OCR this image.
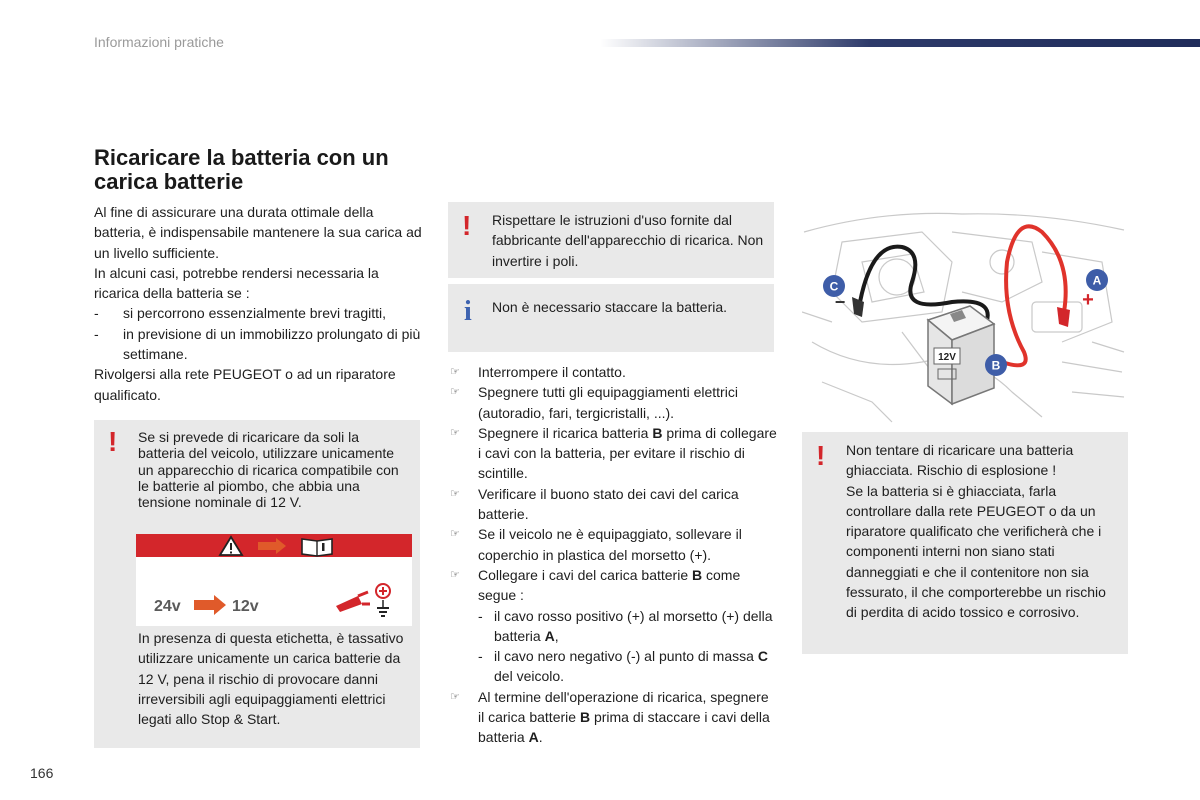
Informazioni pratiche
Ricaricare la batteria con un carica batterie

Al fine di assicurare una durata ottimale della batteria, è indispensabile mantenere la sua carica ad un livello sufficiente.

In alcuni casi, potrebbe rendersi necessaria la ricarica della batteria se :

- si percorrono essenzialmente brevi tragitti,
- in previsione di un immobilizzo prolungato di più settimane.

Rivolgersi alla rete PEUGEOT o ad un riparatore qualificato.

! Se si prevede di ricaricare da soli la batteria del veicolo, utilizzare unicamente un apparecchio di ricarica compatibile con le batterie al piombo, che abbia una tensione nominale di 12 V.
24v	12v
In presenza di questa etichetta, è tassativo utilizzare unicamente un carica batterie da 12 V, pena il rischio di provocare danni irreversibili agli equipaggiamenti elettrici legati allo Stop & Start.
! Rispettare le istruzioni d'uso fornite dal fabbricante dell'apparecchio di ricarica. Non invertire i poli.
i Non è necessario staccare la batteria.
☞ Interrompere il contatto.
☞ Spegnere tutti gli equipaggiamenti elettrici (autoradio, fari, tergicristalli, ...).
☞ Spegnere il ricarica batteria B prima di collegare i cavi con la batteria, per evitare il rischio di scintille.
☞ Verificare il buono stato dei cavi del carica batterie.
☞ Se il veicolo ne è equipaggiato, sollevare il coperchio in plastica del morsetto (+).
☞ Collegare i cavi del carica batterie B come segue :
- il cavo rosso positivo (+) al morsetto (+) della batteria A,
- il cavo nero negativo (-) al punto di massa C del veicolo.
☞ Al termine dell'operazione di ricarica, spegnere il carica batterie B prima di staccare i cavi della batteria A.
12V
C
−
A
+
B
! Non tentare di ricaricare una batteria ghiacciata. Rischio di esplosione !
Se la batteria si è ghiacciata, farla controllare dalla rete PEUGEOT o da un riparatore qualificato che verificherà che i componenti interni non siano stati danneggiati e che il contenitore non sia fessurato, il che comporterebbe un rischio di perdita di acido tossico e corrosivo.
166
